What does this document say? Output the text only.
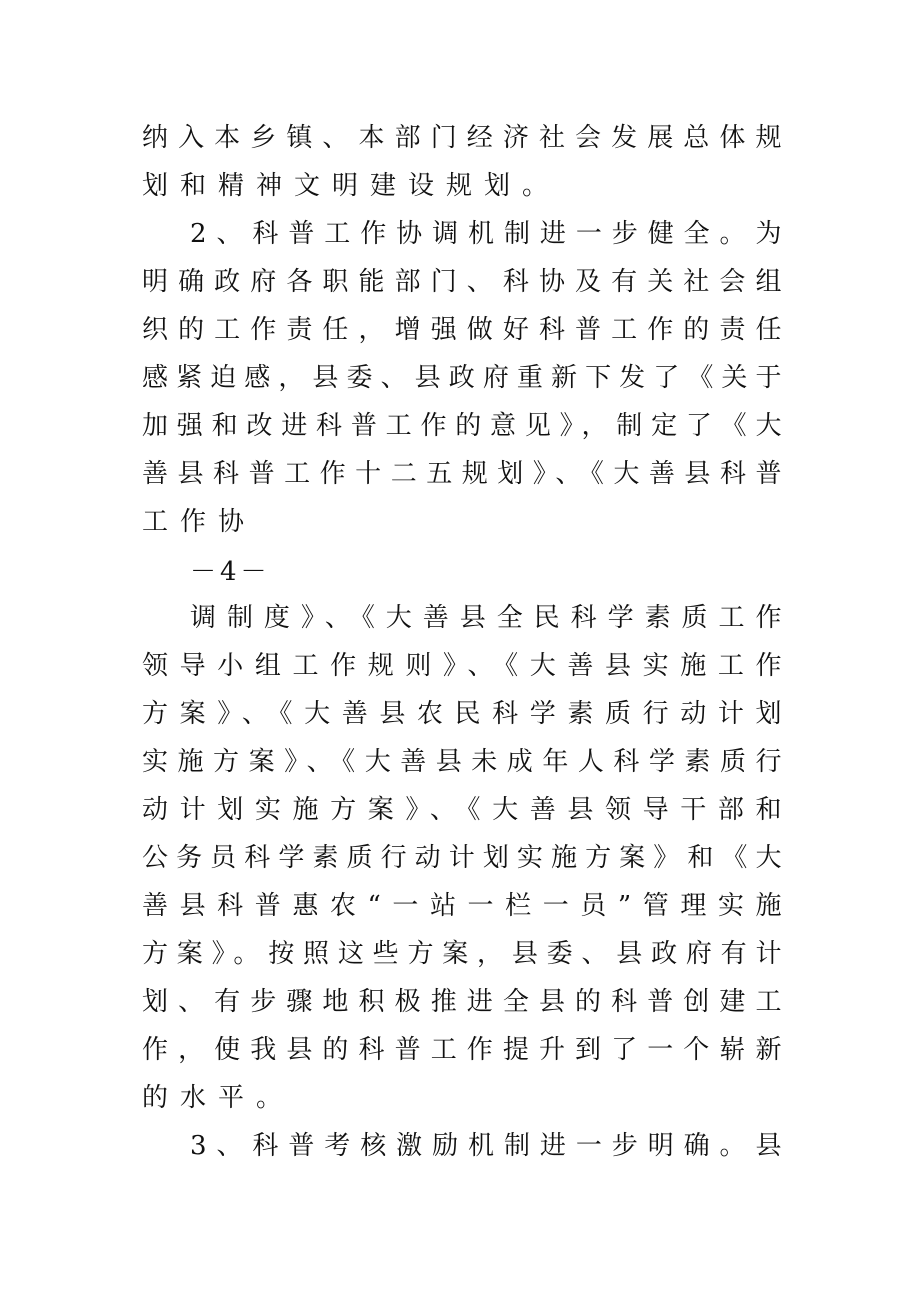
纳入本乡镇、本部门经济社会发展总体规
划和精神文明建设规划。
2、科普工作协调机制进一步健全。为
明确政府各职能部门、科协及有关社会组
织的工作责任，增强做好科普工作的责任
感紧迫感，县委、县政府重新下发了《关于
加强和改进科普工作的意见》，制定了《大
善县科普工作十二五规划》、《大善县科普
工作协
－4－
调制度》、《大善县全民科学素质工作
领导小组工作规则》、《大善县实施工作
方案》、《大善县农民科学素质行动计划
实施方案》、《大善县未成年人科学素质行
动计划实施方案》、《大善县领导干部和
公务员科学素质行动计划实施方案》和《大
善县科普惠农“一站一栏一员”管理实施
方案》。按照这些方案，县委、县政府有计
划、有步骤地积极推进全县的科普创建工
作，使我县的科普工作提升到了一个崭新
的水平。
3、科普考核激励机制进一步明确。县
